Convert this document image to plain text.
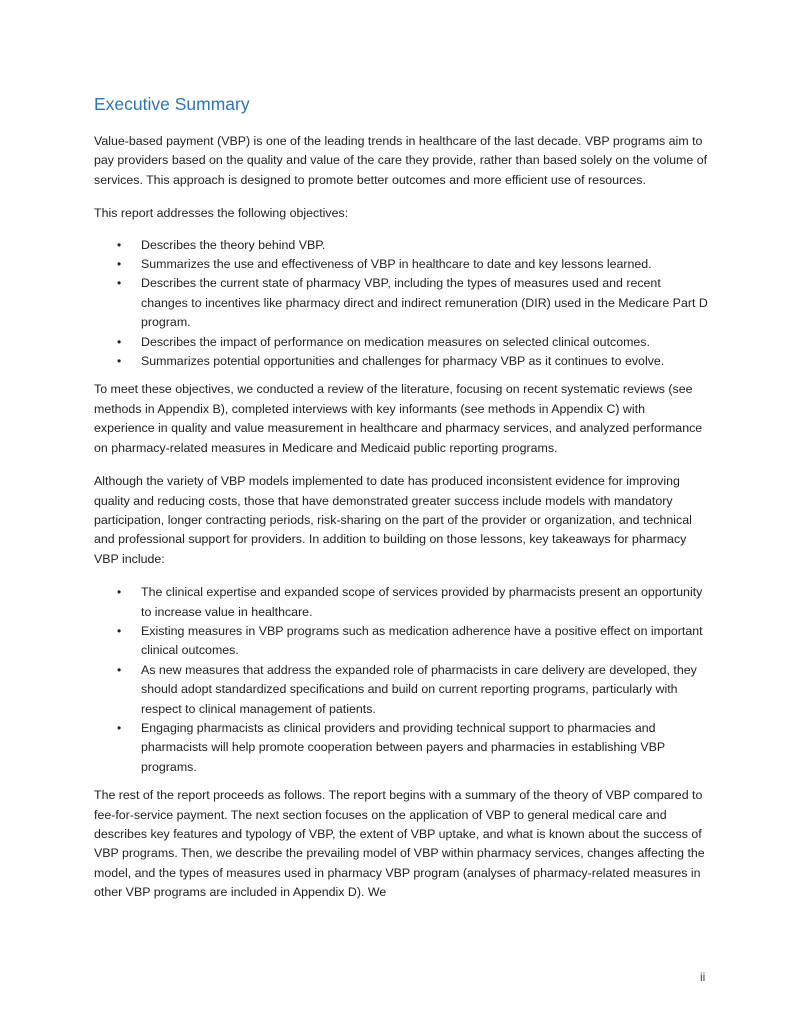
Executive Summary

Value-based payment (VBP) is one of the leading trends in healthcare of the last decade. VBP programs aim to pay providers based on the quality and value of the care they provide, rather than based solely on the volume of services. This approach is designed to promote better outcomes and more efficient use of resources.

This report addresses the following objectives:

• Describes the theory behind VBP.
• Summarizes the use and effectiveness of VBP in healthcare to date and key lessons learned.
• Describes the current state of pharmacy VBP, including the types of measures used and recent changes to incentives like pharmacy direct and indirect remuneration (DIR) used in the Medicare Part D program.
• Describes the impact of performance on medication measures on selected clinical outcomes.
• Summarizes potential opportunities and challenges for pharmacy VBP as it continues to evolve.

To meet these objectives, we conducted a review of the literature, focusing on recent systematic reviews (see methods in Appendix B), completed interviews with key informants (see methods in Appendix C) with experience in quality and value measurement in healthcare and pharmacy services, and analyzed performance on pharmacy-related measures in Medicare and Medicaid public reporting programs.

Although the variety of VBP models implemented to date has produced inconsistent evidence for improving quality and reducing costs, those that have demonstrated greater success include models with mandatory participation, longer contracting periods, risk-sharing on the part of the provider or organization, and technical and professional support for providers. In addition to building on those lessons, key takeaways for pharmacy VBP include:

• The clinical expertise and expanded scope of services provided by pharmacists present an opportunity to increase value in healthcare.
• Existing measures in VBP programs such as medication adherence have a positive effect on important clinical outcomes.
• As new measures that address the expanded role of pharmacists in care delivery are developed, they should adopt standardized specifications and build on current reporting programs, particularly with respect to clinical management of patients.
• Engaging pharmacists as clinical providers and providing technical support to pharmacies and pharmacists will help promote cooperation between payers and pharmacies in establishing VBP programs.

The rest of the report proceeds as follows. The report begins with a summary of the theory of VBP compared to fee-for-service payment. The next section focuses on the application of VBP to general medical care and describes key features and typology of VBP, the extent of VBP uptake, and what is known about the success of VBP programs. Then, we describe the prevailing model of VBP within pharmacy services, changes affecting the model, and the types of measures used in pharmacy VBP program (analyses of pharmacy-related measures in other VBP programs are included in Appendix D). We

ii
